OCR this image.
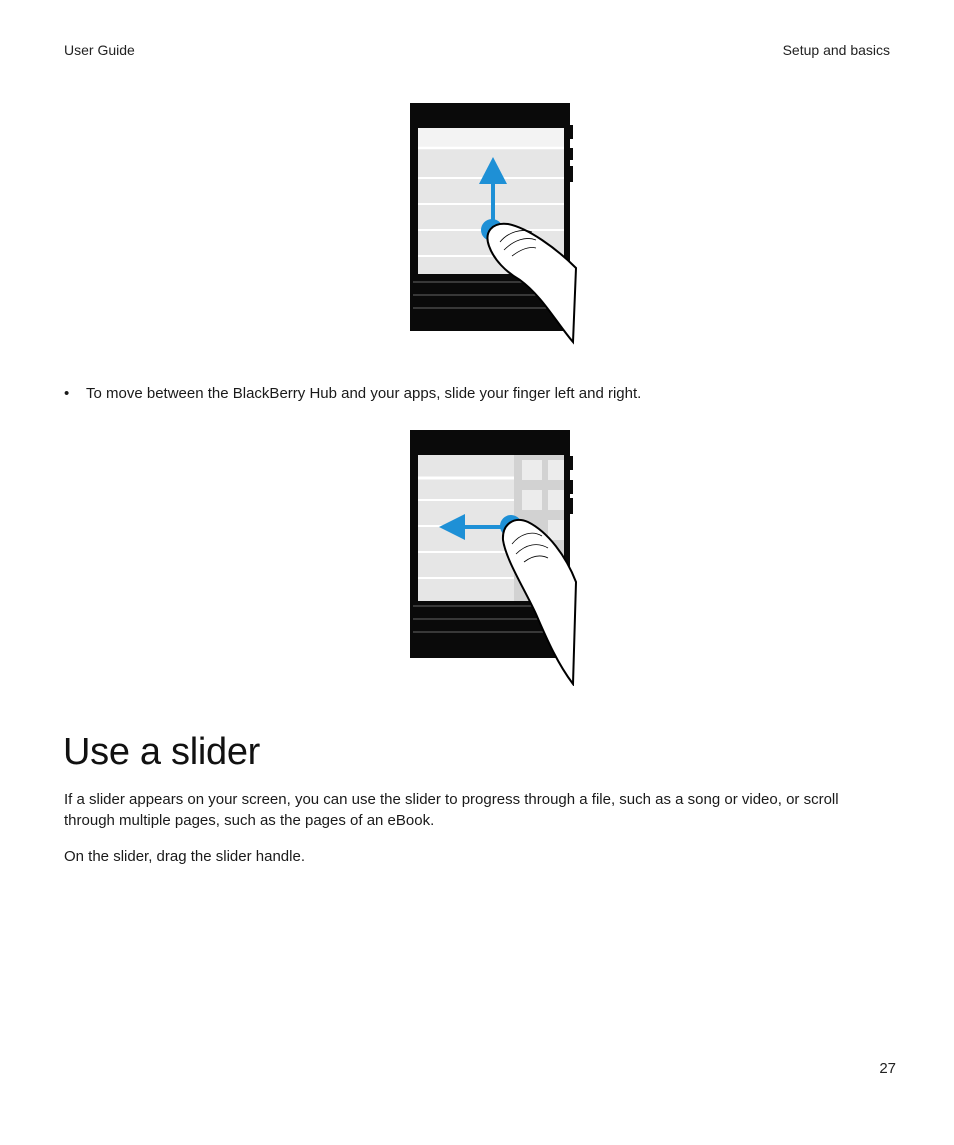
User Guide	Setup and basics
•	To move between the BlackBerry Hub and your apps, slide your finger left and right.
Use a slider

If a slider appears on your screen, you can use the slider to progress through a file, such as a song or video, or scroll through multiple pages, such as the pages of an eBook.

On the slider, drag the slider handle.

27
